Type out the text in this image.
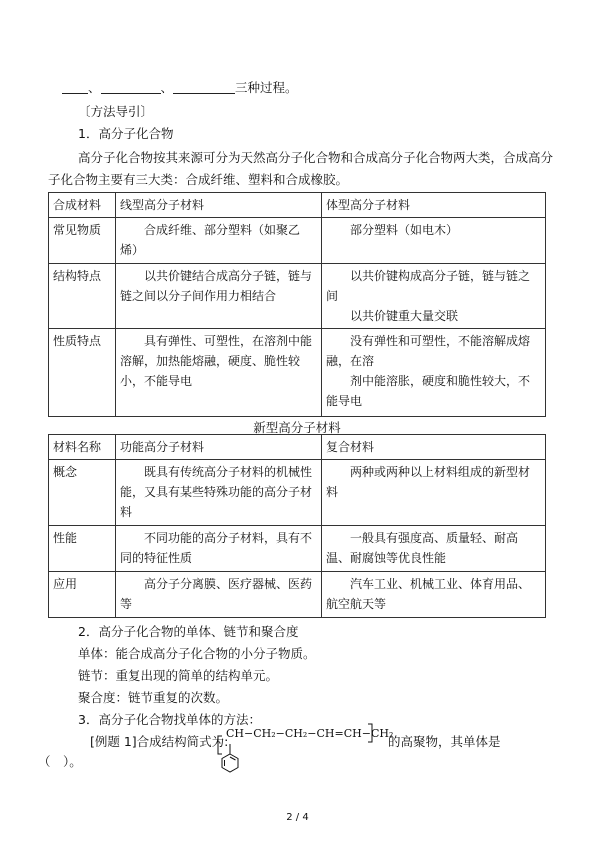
、	、	三种过程。
〔方法导引〕
1．高分子化合物
高分子化合物按其来源可分为天然高分子化合物和合成高分子化合物两大类，合成高分
子化合物主要有三大类：合成纤维、塑料和合成橡胶。
合成材料	线型高分子材料	体型高分子材料
常见物质	合成纤维、部分塑料（如聚乙烯）	部分塑料（如电木）
结构特点	以共价键结合成高分子链，链与链之间以分子间作用力相结合	以共价键构成高分子链，链与链之间
以共价键重大量交联

性质特点	具有弹性、可塑性，在溶剂中能溶解，加热能熔融，硬度、脆性较小，不能导电	没有弹性和可塑性，不能溶解成熔融，在溶
剂中能溶胀，硬度和脆性较大，不能导电
新型高分子材料
材料名称	功能高分子材料	复合材料
概念	既具有传统高分子材料的机械性能，又具有某些特殊功能的高分子材料	两种或两种以上材料组成的新型材料
性能	不同功能的高分子材料，具有不同的特征性质	一般具有强度高、质量轻、耐高温、耐腐蚀等优良性能
应用	高分子分离膜、医疗器械、医药等	汽车工业、机械工业、体育用品、航空航天等
2．高分子化合物的单体、链节和聚合度
单体：能合成高分子化合物的小分子物质。
链节：重复出现的简单的结构单元。
聚合度：链节重复的次数。
3．高分子化合物找单体的方法：
[例题 1]合成结构简式为:
CH−CH₂−CH₂−CH=CH−CH₂
的高聚物，其单体是
（　）。
2 / 4
